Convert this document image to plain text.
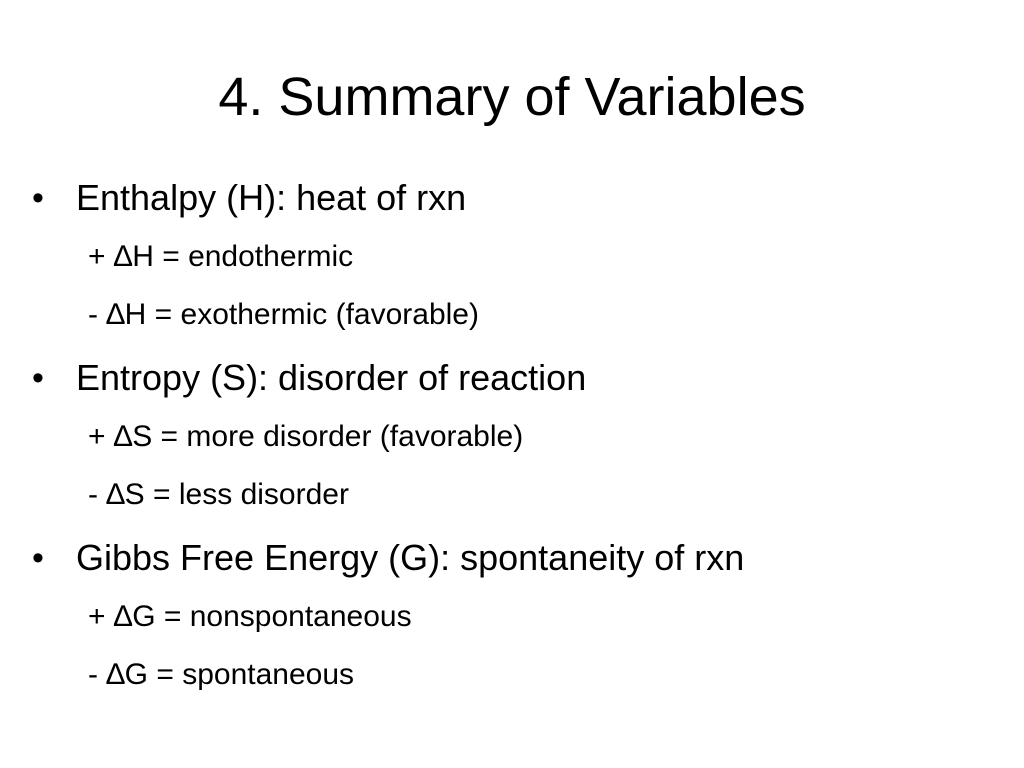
4. Summary of Variables
• Enthalpy (H): heat of rxn
+ ∆H = endothermic
- ∆H = exothermic (favorable)
• Entropy (S): disorder of reaction
+ ∆S = more disorder (favorable)
- ∆S = less disorder
• Gibbs Free Energy (G): spontaneity of rxn
+ ∆G = nonspontaneous
- ∆G = spontaneous
